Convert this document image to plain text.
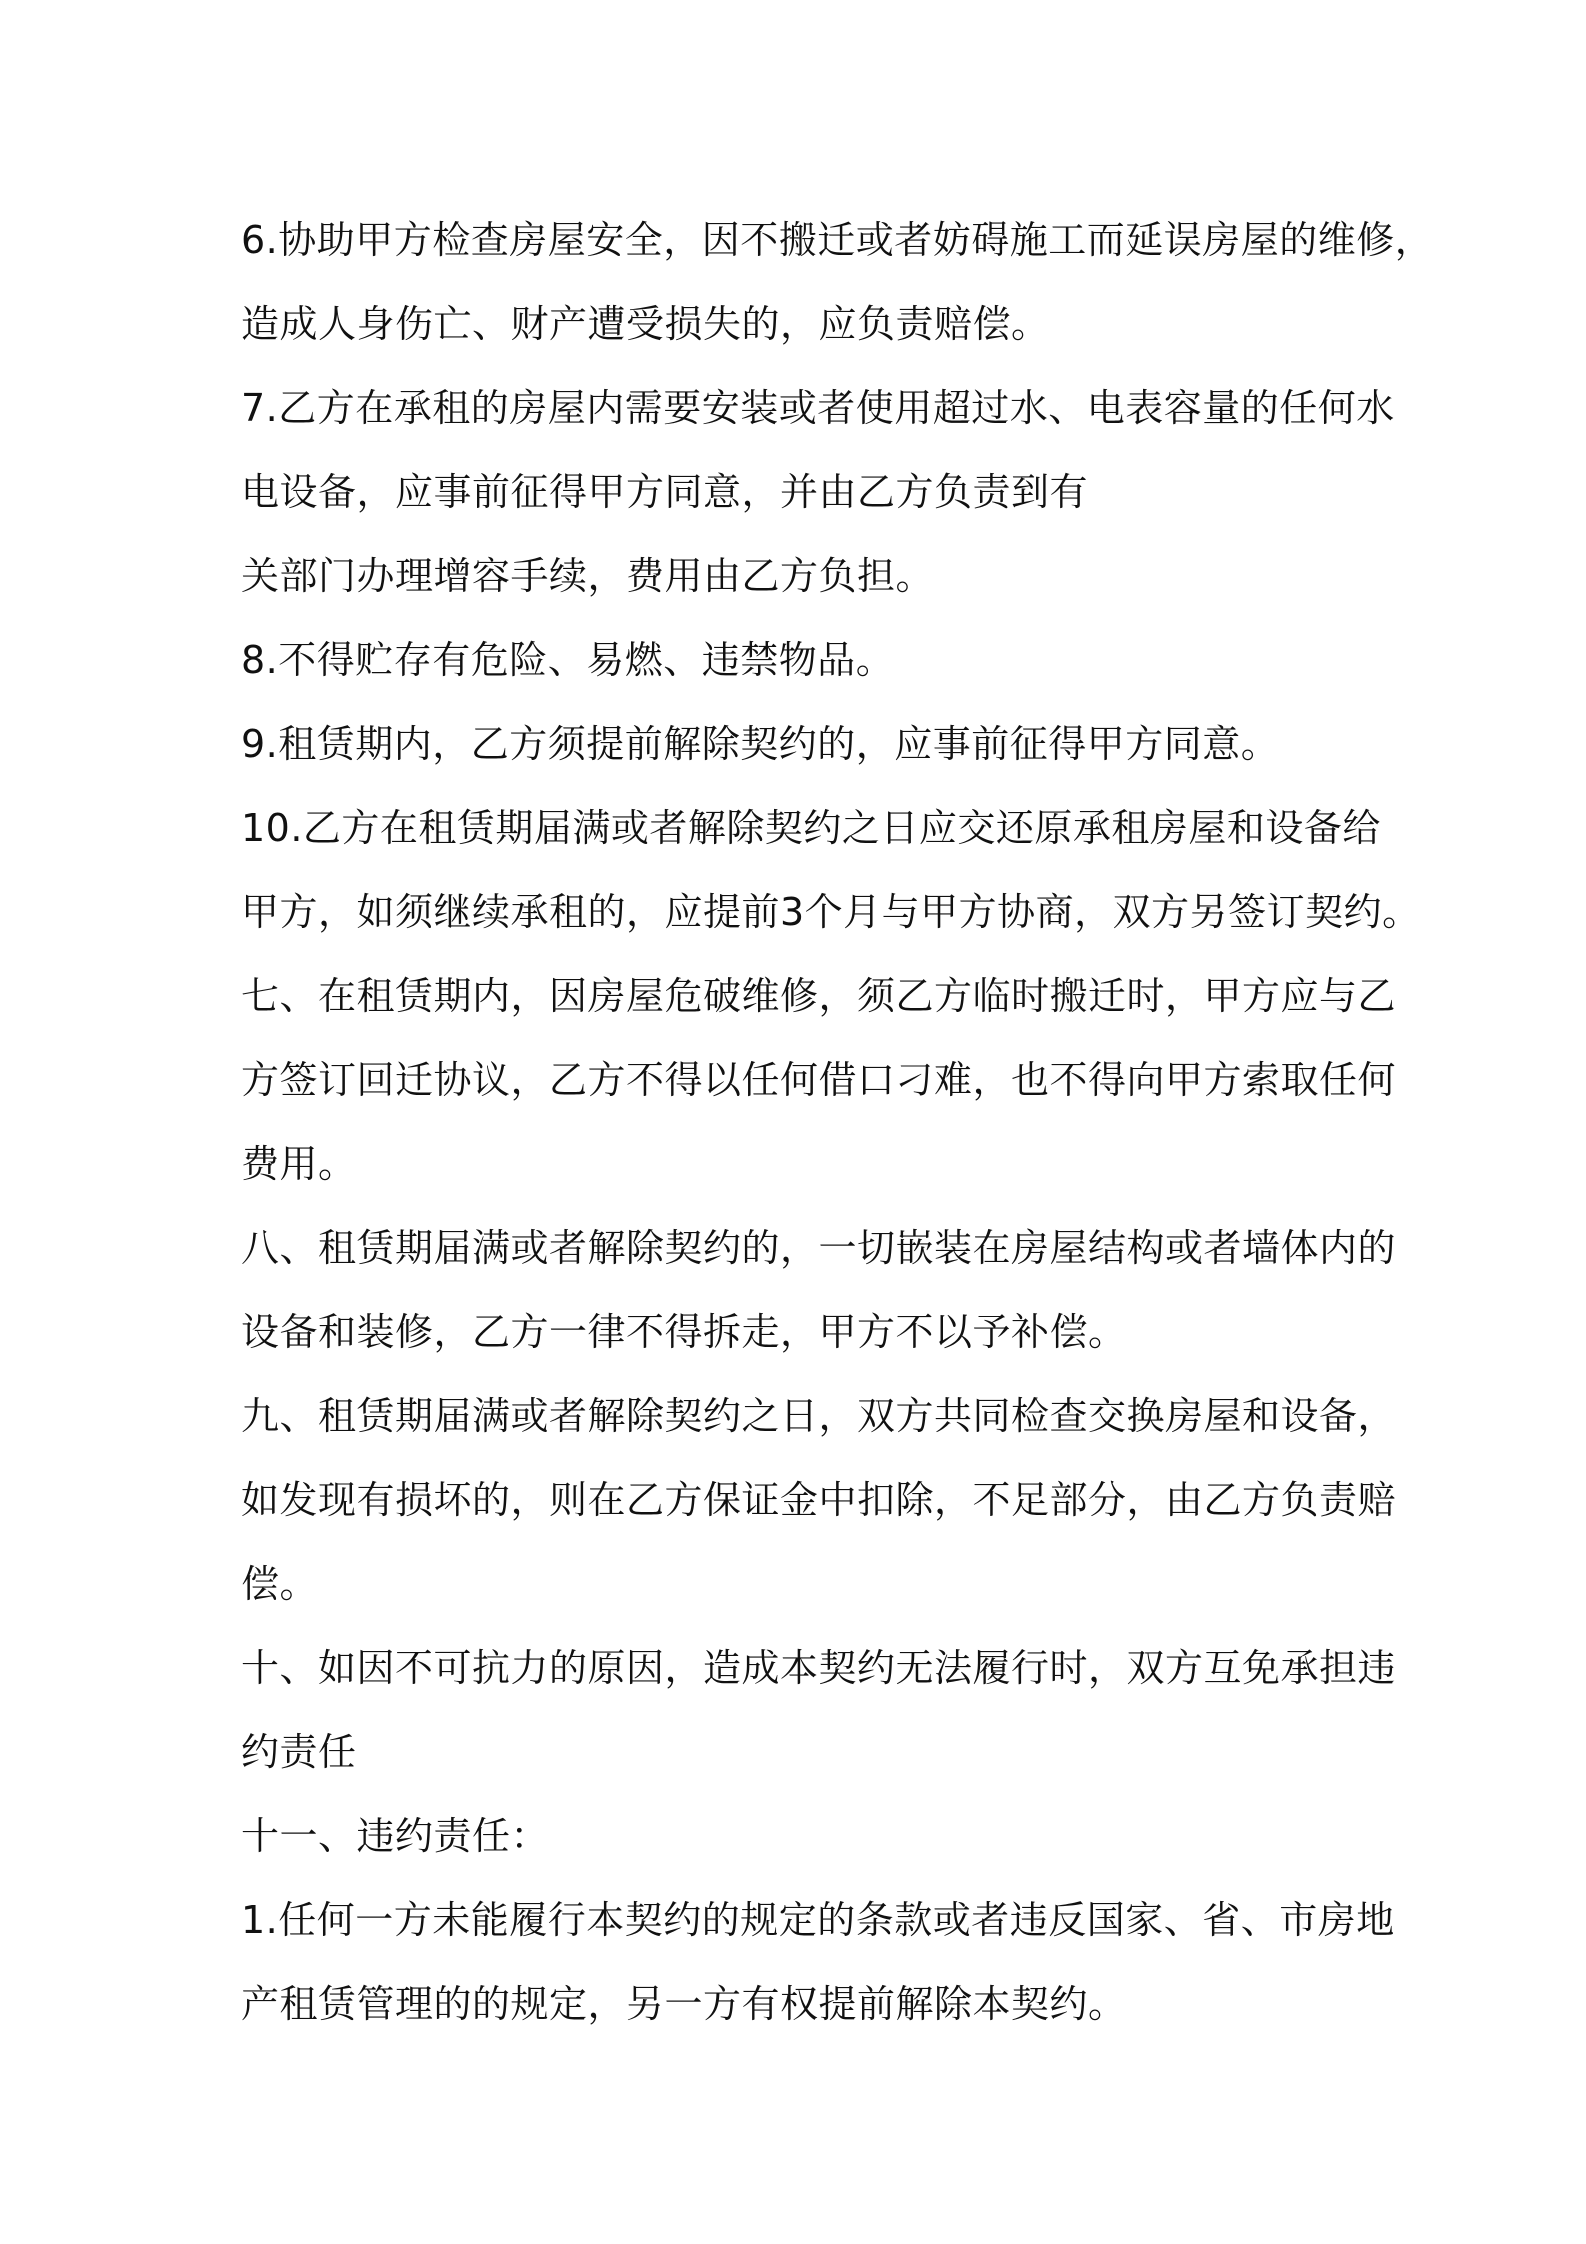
6.协助甲方检查房屋安全，因不搬迁或者妨碍施工而延误房屋的维修，
造成人身伤亡、财产遭受损失的，应负责赔偿。
7.乙方在承租的房屋内需要安装或者使用超过水、电表容量的任何水
电设备，应事前征得甲方同意，并由乙方负责到有
关部门办理增容手续，费用由乙方负担。
8.不得贮存有危险、易燃、违禁物品。
9.租赁期内，乙方须提前解除契约的，应事前征得甲方同意。
10.乙方在租赁期届满或者解除契约之日应交还原承租房屋和设备给
甲方，如须继续承租的，应提前3个月与甲方协商，双方另签订契约。
七、在租赁期内，因房屋危破维修，须乙方临时搬迁时，甲方应与乙
方签订回迁协议，乙方不得以任何借口刁难，也不得向甲方索取任何
费用。
八、租赁期届满或者解除契约的，一切嵌装在房屋结构或者墙体内的
设备和装修，乙方一律不得拆走，甲方不以予补偿。
九、租赁期届满或者解除契约之日，双方共同检查交换房屋和设备，
如发现有损坏的，则在乙方保证金中扣除，不足部分，由乙方负责赔
偿。
十、如因不可抗力的原因，造成本契约无法履行时，双方互免承担违
约责任
十一、违约责任：
1.任何一方未能履行本契约的规定的条款或者违反国家、省、市房地
产租赁管理的的规定，另一方有权提前解除本契约。
